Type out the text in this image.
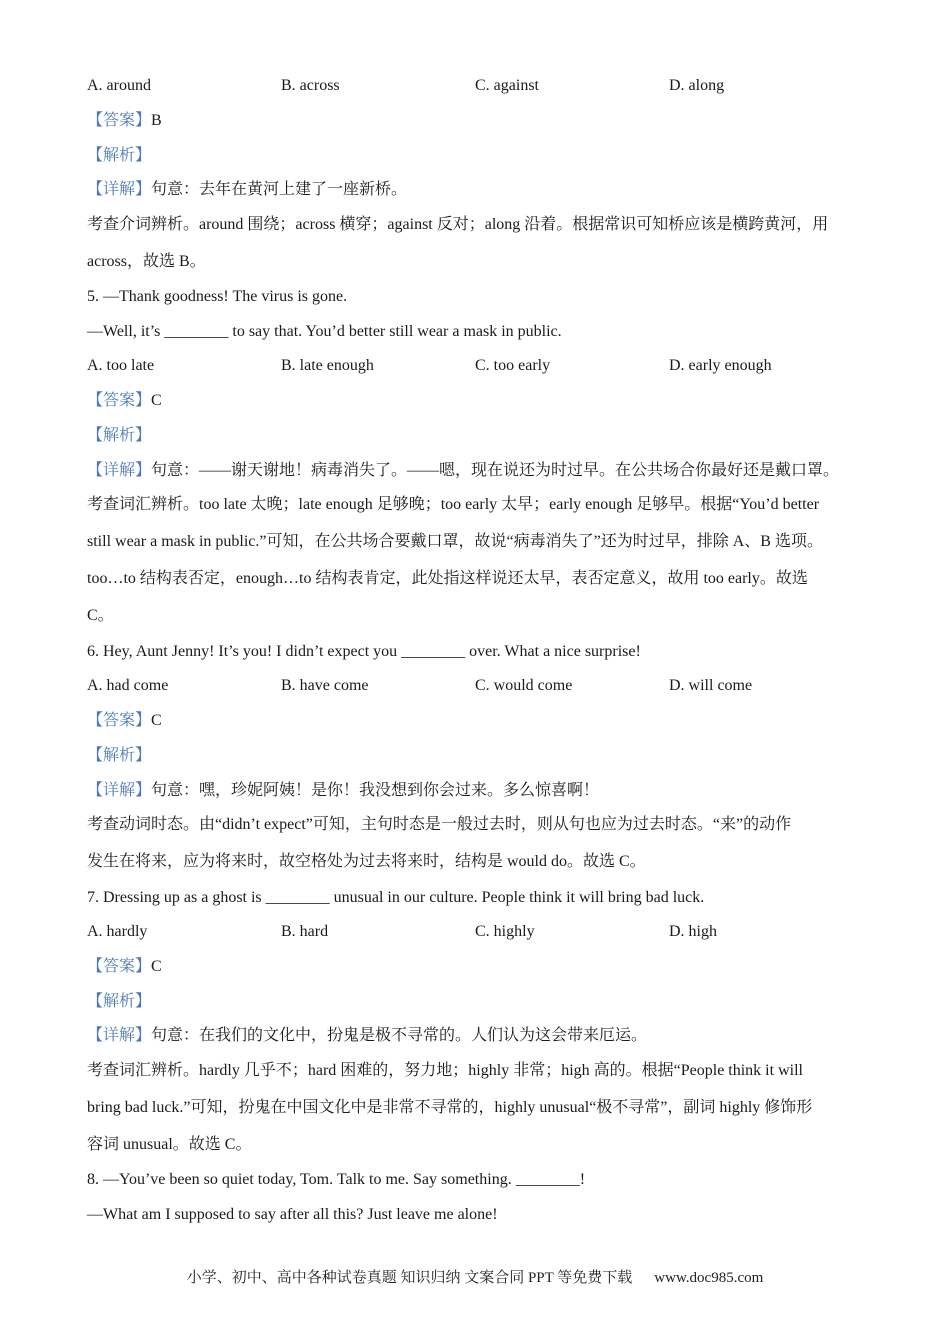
A. around	B. across	C. against	D. along
【答案】B
【解析】
【详解】句意：去年在黄河上建了一座新桥。
考查介词辨析。around 围绕；across 横穿；against 反对；along 沿着。根据常识可知桥应该是横跨黄河，用
across，故选 B。
5. —Thank goodness! The virus is gone.
—Well, it’s ________ to say that. You’d better still wear a mask in public.
A. too late	B. late enough	C. too early	D. early enough
【答案】C
【解析】
【详解】句意：——谢天谢地！病毒消失了。——嗯，现在说还为时过早。在公共场合你最好还是戴口罩。
考查词汇辨析。too late 太晚；late enough 足够晚；too early 太早；early enough 足够早。根据“You’d better
still wear a mask in public.”可知，在公共场合要戴口罩，故说“病毒消失了”还为时过早，排除 A、B 选项。
too…to 结构表否定，enough…to 结构表肯定，此处指这样说还太早，表否定意义，故用 too early。故选
C。
6. Hey, Aunt Jenny! It’s you! I didn’t expect you ________ over. What a nice surprise!
A. had come	B. have come	C. would come	D. will come
【答案】C
【解析】
【详解】句意：嘿，珍妮阿姨！是你！我没想到你会过来。多么惊喜啊！
考查动词时态。由“didn’t expect”可知，主句时态是一般过去时，则从句也应为过去时态。“来”的动作
发生在将来，应为将来时，故空格处为过去将来时，结构是 would do。故选 C。
7. Dressing up as a ghost is ________ unusual in our culture. People think it will bring bad luck.
A. hardly	B. hard	C. highly	D. high
【答案】C
【解析】
【详解】句意：在我们的文化中，扮鬼是极不寻常的。人们认为这会带来厄运。
考查词汇辨析。hardly 几乎不；hard 困难的，努力地；highly 非常；high 高的。根据“People think it will
bring bad luck.”可知，扮鬼在中国文化中是非常不寻常的，highly unusual“极不寻常”，副词 highly 修饰形
容词 unusual。故选 C。
8. —You’ve been so quiet today, Tom. Talk to me. Say something. ________!
—What am I supposed to say after all this? Just leave me alone!
小学、初中、高中各种试卷真题 知识归纳 文案合同 PPT 等免费下载 www.doc985.com
